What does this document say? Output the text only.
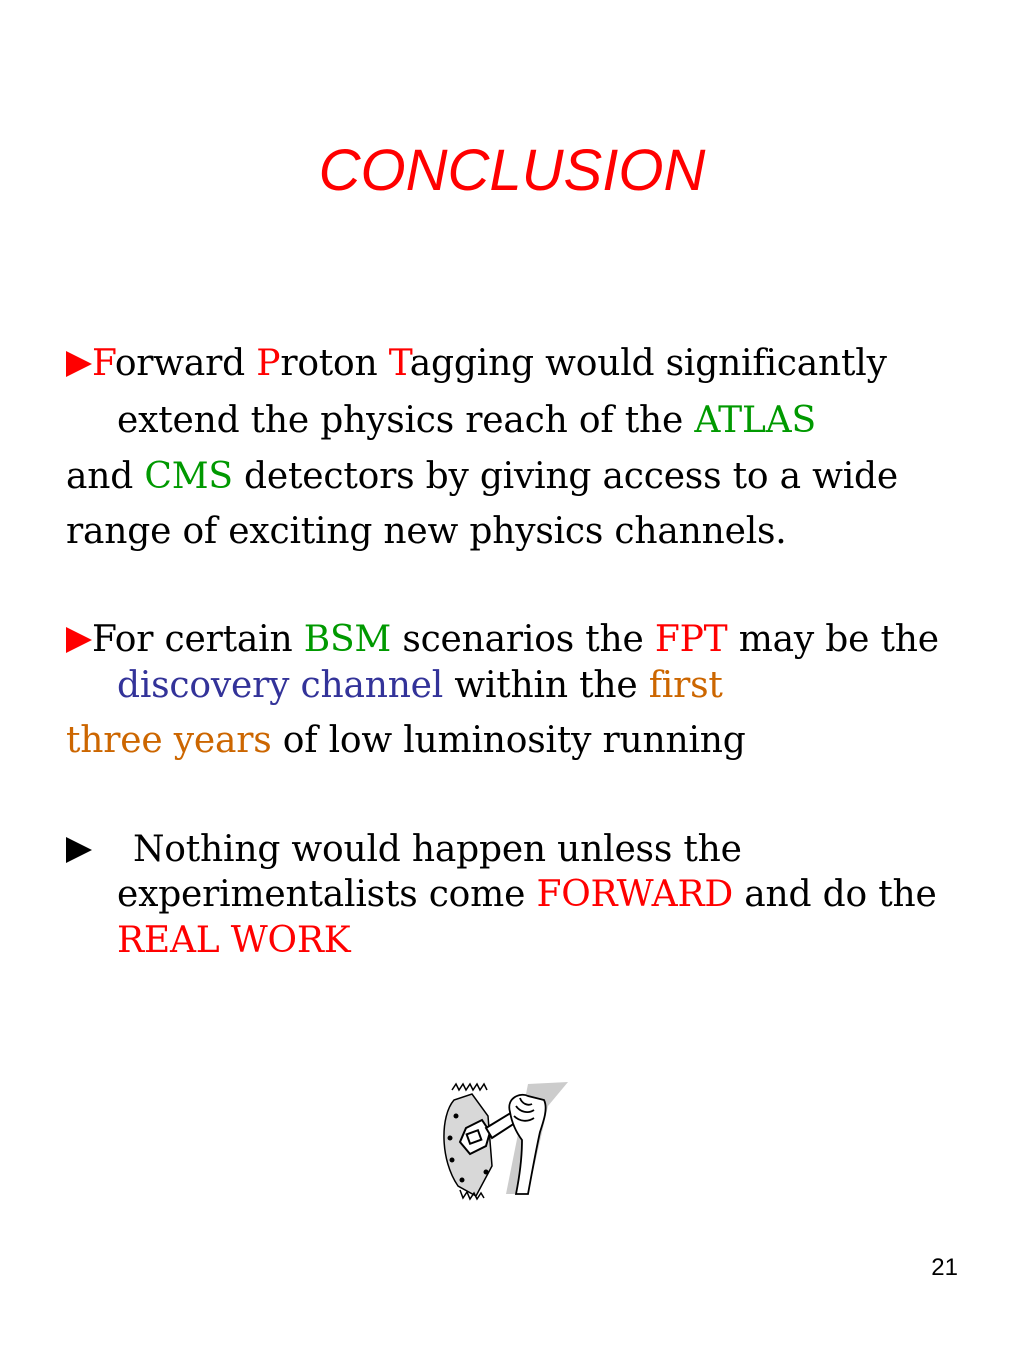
CONCLUSION
Forward Proton Tagging would significantly
extend the physics reach of the ATLAS
and CMS detectors by giving access to a wide
range of exciting new physics channels.
For certain BSM scenarios the FPT may be the
discovery channel within the first
three years of low luminosity running
Nothing would happen unless the
experimentalists come FORWARD and do the
REAL WORK
21
